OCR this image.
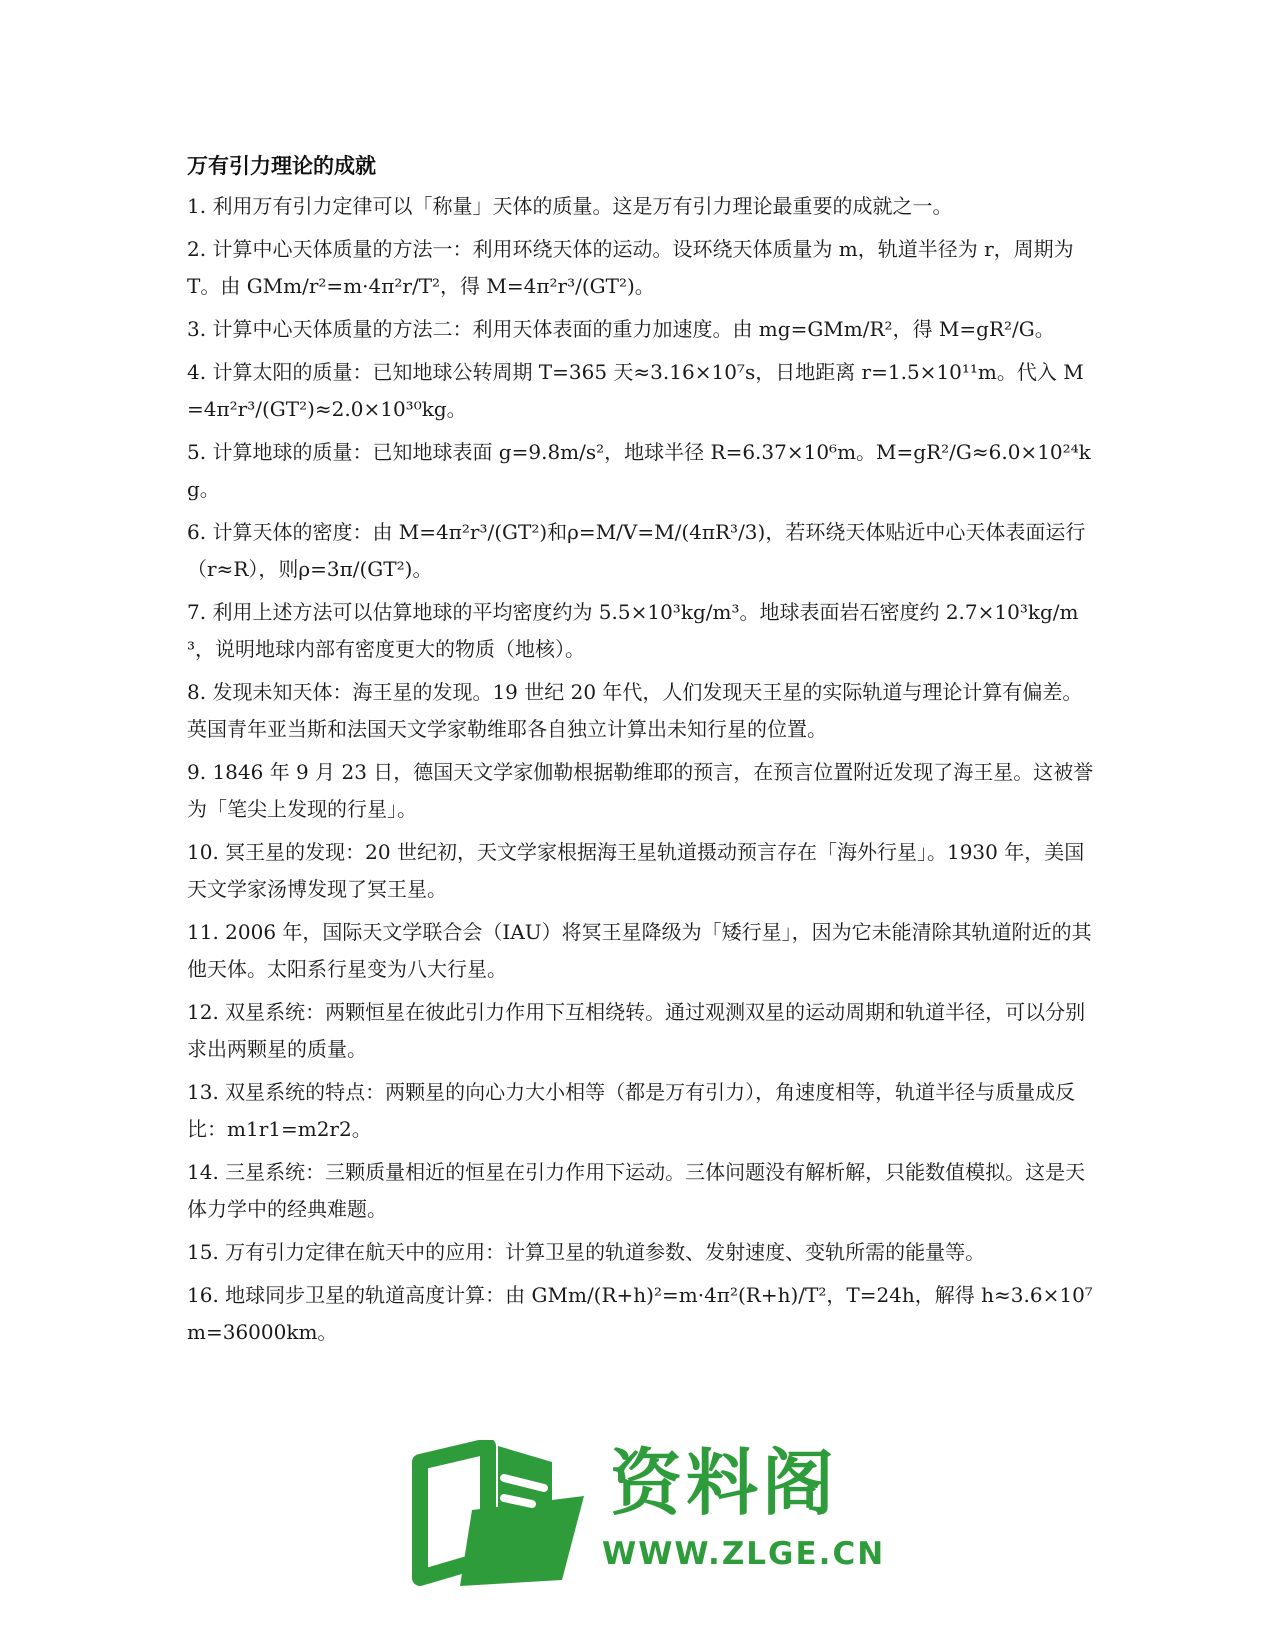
万有引力理论的成就
1. 利用万有引力定律可以「称量」天体的质量。这是万有引力理论最重要的成就之一。
2. 计算中心天体质量的方法一：利用环绕天体的运动。设环绕天体质量为 m，轨道半径为 r，周期为 T。由 GMm/r²=m·4π²r/T²，得 M=4π²r³/(GT²)。
3. 计算中心天体质量的方法二：利用天体表面的重力加速度。由 mg=GMm/R²，得 M=gR²/G。
4. 计算太阳的质量：已知地球公转周期 T=365 天≈3.16×10⁷s，日地距离 r=1.5×10¹¹m。代入 M=4π²r³/(GT²)≈2.0×10³⁰kg。
5. 计算地球的质量：已知地球表面 g=9.8m/s²，地球半径 R=6.37×10⁶m。M=gR²/G≈6.0×10²⁴kg。
6. 计算天体的密度：由 M=4π²r³/(GT²)和ρ=M/V=M/(4πR³/3)，若环绕天体贴近中心天体表面运行（r≈R），则ρ=3π/(GT²)。
7. 利用上述方法可以估算地球的平均密度约为 5.5×10³kg/m³。地球表面岩石密度约 2.7×10³kg/m³，说明地球内部有密度更大的物质（地核）。
8. 发现未知天体：海王星的发现。19 世纪 20 年代，人们发现天王星的实际轨道与理论计算有偏差。英国青年亚当斯和法国天文学家勒维耶各自独立计算出未知行星的位置。
9. 1846 年 9 月 23 日，德国天文学家伽勒根据勒维耶的预言，在预言位置附近发现了海王星。这被誉为「笔尖上发现的行星」。
10. 冥王星的发现：20 世纪初，天文学家根据海王星轨道摄动预言存在「海外行星」。1930 年，美国天文学家汤博发现了冥王星。
11. 2006 年，国际天文学联合会（IAU）将冥王星降级为「矮行星」，因为它未能清除其轨道附近的其他天体。太阳系行星变为八大行星。
12. 双星系统：两颗恒星在彼此引力作用下互相绕转。通过观测双星的运动周期和轨道半径，可以分别求出两颗星的质量。
13. 双星系统的特点：两颗星的向心力大小相等（都是万有引力），角速度相等，轨道半径与质量成反比：m1r1=m2r2。
14. 三星系统：三颗质量相近的恒星在引力作用下运动。三体问题没有解析解，只能数值模拟。这是天体力学中的经典难题。
15. 万有引力定律在航天中的应用：计算卫星的轨道参数、发射速度、变轨所需的能量等。
16. 地球同步卫星的轨道高度计算：由 GMm/(R+h)²=m·4π²(R+h)/T²，T=24h，解得 h≈3.6×10⁷m=36000km。
资料阁
WWW.ZLGE.CN
